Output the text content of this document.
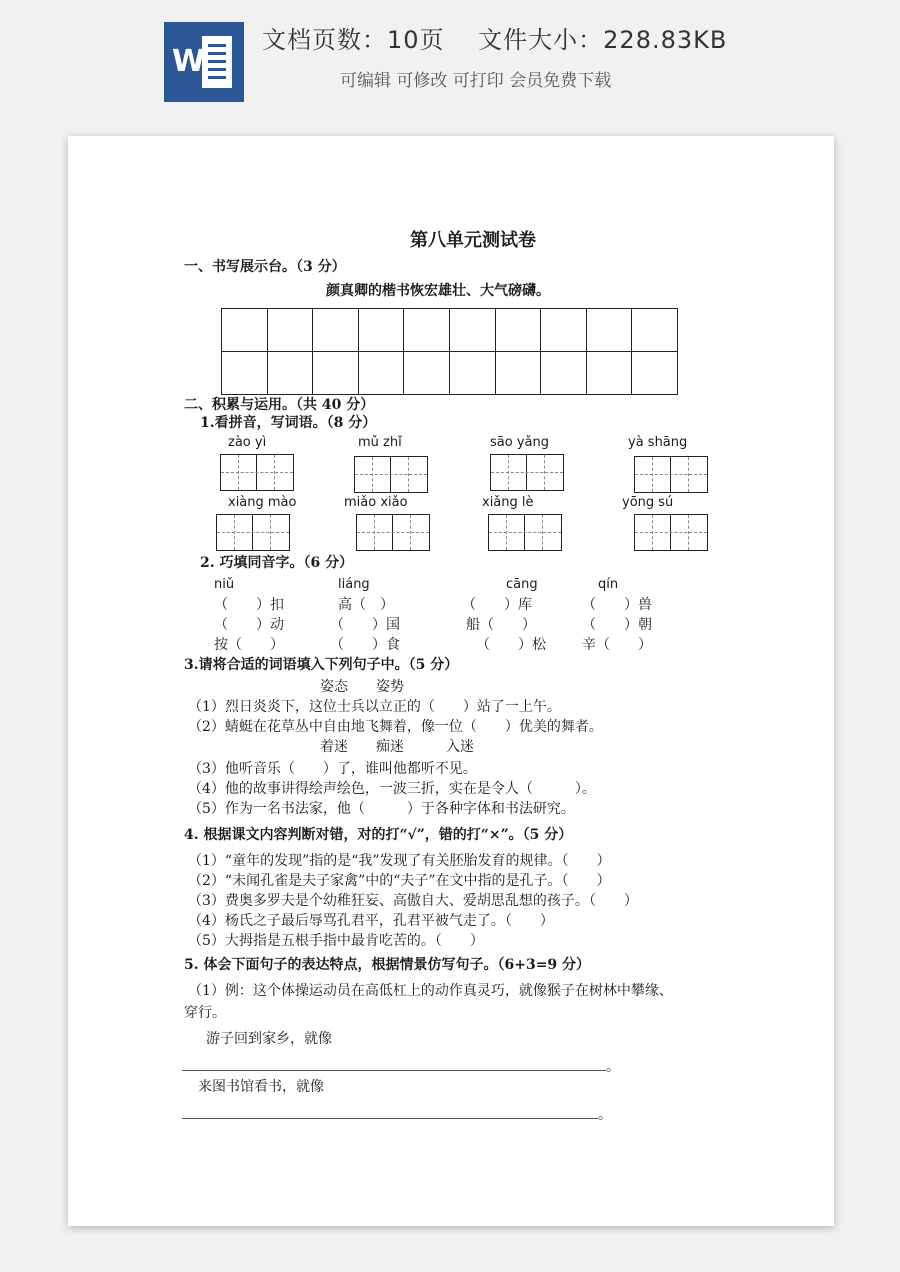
W
文档页数：10页　 文件大小：228.83KB
可编辑 可修改 可打印 会员免费下载
第八单元测试卷
一、书写展示台。（3 分）
颜真卿的楷书恢宏雄壮、大气磅礴。
二、积累与运用。（共 40 分）
1.看拼音，写词语。（8 分）
zào yì	mǔ zhǐ	sāo yǎng	yà shāng
xiàng mào	miǎo xiǎo	xiǎng lè	yōng sú
2. 巧填同音字。（6 分）
niǔ	liáng	cāng	qín
（　　）扣	高（　）	（　　）库	（　　）兽
（　　）动	（　　）国	船（　　）	（　　）朝
按（　　）	（　　）食	（　　）松	辛（　　）
3.请将合适的词语填入下列句子中。（5 分）
姿态　　姿势
（1）烈日炎炎下，这位士兵以立正的（　　）站了一上午。
（2）蜻蜓在花草丛中自由地飞舞着，像一位（　　）优美的舞者。
着迷　　痴迷　　　入迷
（3）他听音乐（　　）了，谁叫他都听不见。
（4）他的故事讲得绘声绘色，一波三折，实在是令人（　　　）。
（5）作为一名书法家，他（　　　）于各种字体和书法研究。
4. 根据课文内容判断对错，对的打“√”，错的打“×”。（5 分）
（1）“童年的发现”指的是“我”发现了有关胚胎发育的规律。（　　）
（2）“未闻孔雀是夫子家禽”中的“夫子”在文中指的是孔子。（　　）
（3）费奥多罗夫是个幼稚狂妄、高傲自大、爱胡思乱想的孩子。（　　）
（4）杨氏之子最后辱骂孔君平，孔君平被气走了。（　　）
（5）大拇指是五根手指中最肯吃苦的。（　　）
5. 体会下面句子的表达特点，根据情景仿写句子。（6+3=9 分）
（1）例：这个体操运动员在高低杠上的动作真灵巧，就像猴子在树林中攀缘、
穿行。
游子回到家乡，就像
。
来图书馆看书，就像
。
